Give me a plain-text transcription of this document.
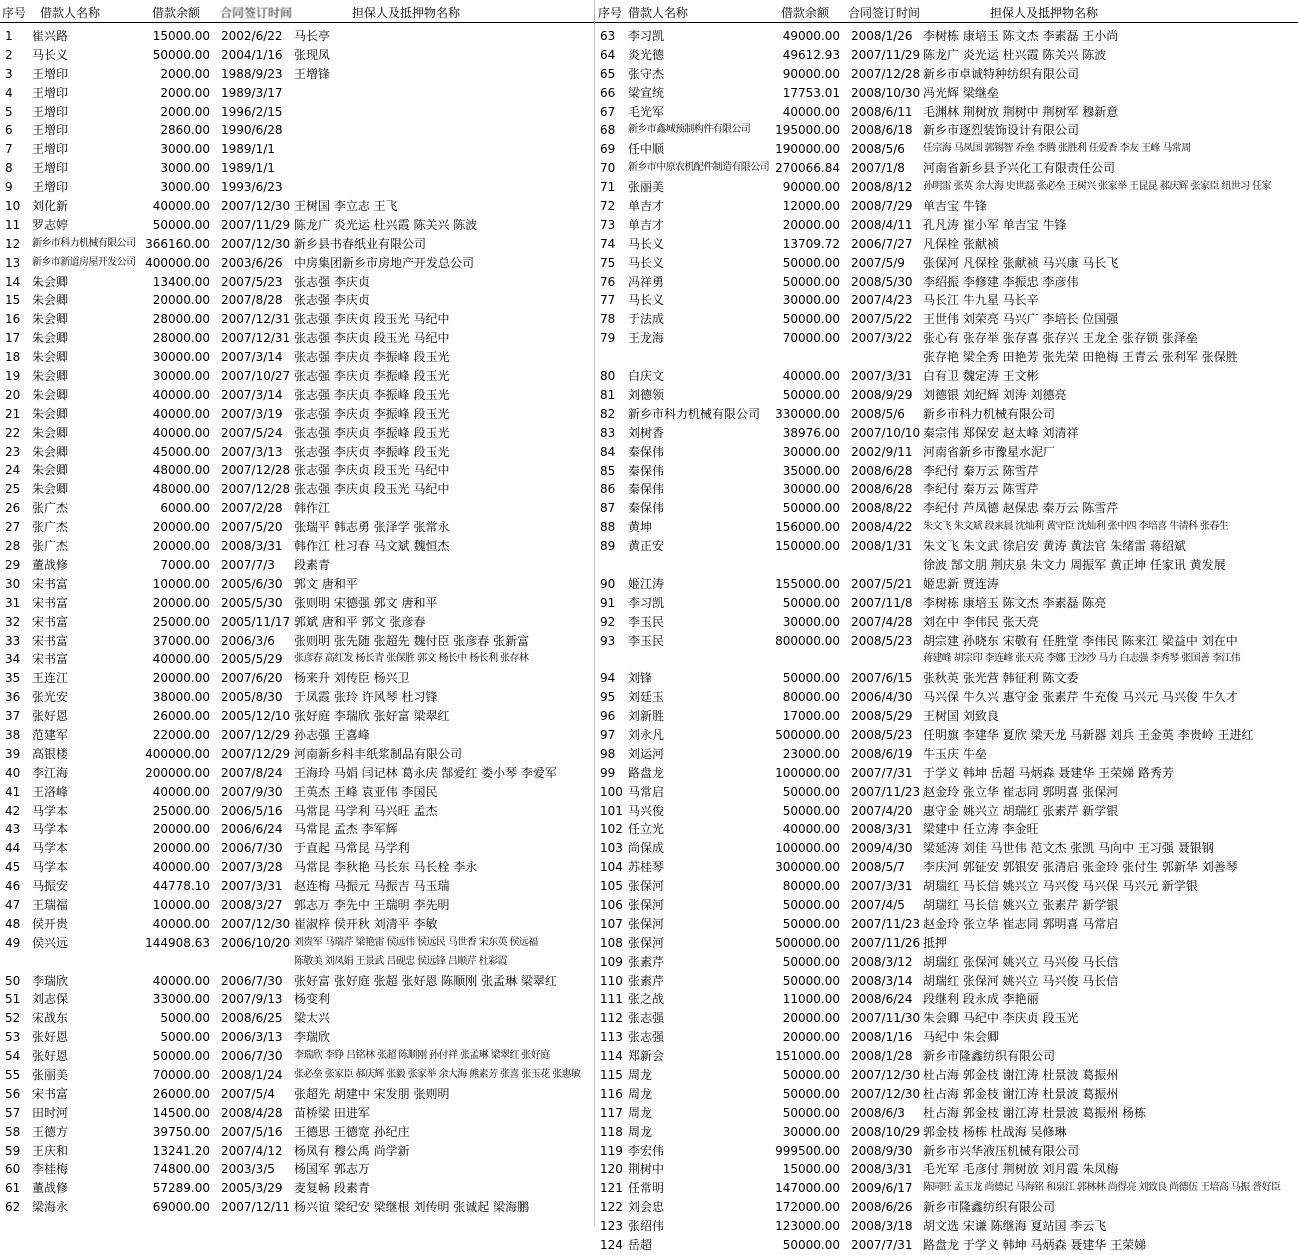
序号 借款人名称	借款余额 合同签订时间	担保人及抵押物名称
1 崔兴路	15000.00 2002/6/22 马长亭
2 马长义	50000.00 2004/1/16 张现凤
3 王增印	2000.00 1988/9/23 王增锋
4 王增印	2000.00 1989/3/17
5 王增印	2000.00 1996/2/15
6 王增印	2860.00 1990/6/28
7 王增印	3000.00 1989/1/1
8 王增印	3000.00 1989/1/1
9 王增印	3000.00 1993/6/23
10 刘化新	40000.00 2007/12/30 王树国 李立志 王飞
11 罗志婷	50000.00 2007/11/29 陈龙广 炎光运 杜兴霞 陈关兴 陈波
12 新乡市科力机械有限公司 366160.00 2007/12/30 新乡县书春纸业有限公司
13 新乡市新道房屋开发公司 400000.00 2003/6/26 中房集团新乡市房地产开发总公司
14 朱会卿	13400.00 2007/5/23 张志强 李庆贞
15 朱会卿	20000.00 2007/8/28 张志强 李庆贞
16 朱会卿	28000.00 2007/12/31 张志强 李庆贞 段玉光 马纪中
17 朱会卿	28000.00 2007/12/31 张志强 李庆贞 段玉光 马纪中
18 朱会卿	30000.00 2007/3/14 张志强 李庆贞 李振峰 段玉光
19 朱会卿	30000.00 2007/10/27 张志强 李庆贞 李振峰 段玉光
20 朱会卿	40000.00 2007/3/14 张志强 李庆贞 李振峰 段玉光
21 朱会卿	40000.00 2007/3/19 张志强 李庆贞 李振峰 段玉光
22 朱会卿	40000.00 2007/5/24 张志强 李庆贞 李振峰 段玉光
23 朱会卿	45000.00 2007/3/13 张志强 李庆贞 李振峰 段玉光
24 朱会卿	48000.00 2007/12/28 张志强 李庆贞 段玉光 马纪中
25 朱会卿	48000.00 2007/12/28 张志强 李庆贞 段玉光 马纪中
26 张广杰	6000.00 2007/2/28 韩作江
27 张广杰	20000.00 2007/5/20 张瑞平 韩志勇 张泽学 张常永
28 张广杰	20000.00 2008/3/31 韩作江 杜习春 马文斌 魏恒杰
29 董战修	7000.00 2007/7/3 段素青
30 宋书富	10000.00 2005/6/30 郭文 唐和平
31 宋书富	20000.00 2005/5/30 张则明 宋德强 郭文 唐和平
32 宋书富	25000.00 2005/11/17 郭斌 唐和平 郭文 张彦春
33 宋书富	37000.00 2006/3/6 张则明 张先随 张超先 魏付臣 张彦春 张新富
34 宋书富	40000.00 2005/5/29 张彦春 高红发 杨长青 张保胜 郭文 杨长中 杨长利 张存林
35 王连江	20000.00 2007/6/20 杨来升 刘传臣 杨兴卫
36 张光安	38000.00 2005/8/30 于凤霞 张玲 许风琴 杜习锋
37 张好恩	26000.00 2005/12/10 张好庭 李瑞欣 张好富 梁翠红
38 范建军	22000.00 2007/12/29 孙志强 王喜峰
39 高银楼	400000.00 2007/12/29 河南新乡科丰纸浆制品有限公司
40 李江海	200000.00 2007/8/24 王海玲 马娟 闫记林 葛永庆 郜爱红 娄小琴 李爱军
41 王洛峰	40000.00 2007/9/30 王英杰 王峰 袁亚伟 李国民
42 马学本	25000.00 2006/5/16 马常昆 马学利 马兴旺 孟杰
43 马学本	20000.00 2006/6/24 马常昆 孟杰 李军辉
44 马学本	20000.00 2006/7/30 于直起 马常昆 马学利
45 马学本	40000.00 2007/3/28 马常昆 李秋艳 马长东 马长栓 李永
46 马振安	44778.10 2007/3/31 赵连梅 马振元 马振吉 马玉瑞
47 王瑞福	10000.00 2008/3/27 郭志万 李先中 王瑞明 李先明
48 侯开贵	40000.00 2007/12/30 崔淑梓 侯开秋 刘清平 李敏
49 侯兴远	144908.63 2006/10/20 刘贵军 马瑞芹 梁艳雷 侯远伟 侯远民 马世香 宋东英 侯远福
陈敬美 刘凤娟 王景武 吕砚忠 侯远锋 吕顺芹 杜彩霞
50 李瑞欣	40000.00 2006/7/30 张好富 张好庭 张超 张好恩 陈顺刚 张孟琳 梁翠红
51 刘志保	33000.00 2007/9/13 杨变利
52 宋战东	5000.00 2008/6/25 梁太兴
53 张好恩	5000.00 2006/3/13 李瑞欣
54 张好恩	50000.00 2006/7/30 李瑞欣 李铮 吕铭林 张超 陈顺刚 孙付祥 张孟琳 梁翠红 张好庭
55 张丽美	70000.00 2008/1/24 张必垒 张家臣 郝庆辉 张毅 张家举 余大海 熊素芳 张喜 张玉花 张惠敏
56 宋书富	26000.00 2007/5/4 张超先 胡建中 宋发朋 张则明
57 田时河	14500.00 2008/4/28 苗桥梁 田进军
58 王德方	39750.00 2007/5/16 王德思 王德宽 孙纪庄
59 王庆和	13241.20 2007/4/12 杨凤有 穆公禹 尚学新
60 李桂梅	74800.00 2003/3/5 杨国军 郭志万
61 董战修	57289.00 2005/3/29 麦复畅 段素青
62 梁海永	69000.00 2007/12/11 杨兴谊 梁纪安 梁继根 刘传明 张诚起 梁海鹏
序号 借款人名称	借款余额 合同签订时间	担保人及抵押物名称
63 李习凯	49000.00 2008/1/26 李树栋 康培玉 陈文杰 李素磊 王小尚
64 炎光德	49612.93 2007/11/29 陈龙广 炎光运 杜兴霞 陈关兴 陈波
65 张守杰	90000.00 2007/12/28 新乡市卓诚特种纺织有限公司
66 梁宣统	17753.01 2008/10/30 冯光辉 梁继垒
67 毛光军	40000.00 2008/6/11 毛渊林 荆树放 荆树中 荆树军 穆新意
68 新乡市鑫城预制构件有限公司	195000.00 2008/6/18 新乡市逐烈装饰设计有限公司
69 任中顺	190000.00 2008/5/6 任宗海 马凤国 郭锡智 乔垒 李腾 张胜利 任爱香 李友 王峰 马常周
70 新乡市中原农机配件制造有限公司 270066.84 2007/1/8 河南省新乡县予兴化工有限责任公司
71 张丽美	90000.00 2008/8/12 孙明雷 张英 余大海 史世磊 张必垒 王树兴 张家举 王昆昆 郝庆辉 张家臣 纽世习 任家
72 单吉才	12000.00 2008/7/29 单吉宝 牛锋
73 单吉才	20000.00 2008/4/11 孔凡涛 崔小军 单吉宝 牛锋
74 马长义	13709.72 2006/7/27 凡保栓 张献祯
75 马长义	50000.00 2007/5/9 张保河 凡保栓 张献祯 马兴康 马长飞
76 冯祥勇	50000.00 2008/5/30 李绍振 李修建 李振忠 李彦伟
77 马长义	30000.00 2007/4/23 马长江 牛九星 马长辛
78 于法成	50000.00 2007/5/22 王世伟 刘荣亮 马兴广 李培长 位国强
79 王龙海	70000.00 2007/3/22 张心有 张存举 张存喜 张存兴 王龙全 张存锁 张泽垒
张存艳 梁全秀 田艳芳 张先荣 田艳梅 王青云 张利军 张保胜
80 白庆文	40000.00 2007/3/31 白有卫 魏定涛 王文彬
81 刘德领	50000.00 2008/9/29 刘德银 刘纪辉 刘涛 刘德亮
82 新乡市科力机械有限公司	330000.00 2008/5/6 新乡市科力机械有限公司
83 刘树香	38976.00 2007/10/10 秦宗伟 郑保安 赵太峰 刘清祥
84 秦保伟	30000.00 2002/9/11 河南省新乡市豫星水泥厂
85 秦保伟	35000.00 2008/6/28 李纪付 秦万云 陈雪芹
86 秦保伟	30000.00 2008/6/28 李纪付 秦万云 陈雪芹
87 秦保伟	50000.00 2008/8/22 李纪付 芦凤德 赵保忠 秦万云 陈雪芹
88 黄坤	156000.00 2008/4/22 朱文飞 朱文斌 段来晨 沈灿利 黄守臣 沈灿利 张中四 李培喜 牛清科 张春生
89 黄正安	150000.00 2008/1/31 朱文飞 朱文武 徐启安 黄涛 黄法官 朱绪雷 蒋绍斌
徐波 郜文朋 荆庆泉 朱文力 周振军 黄正坤 任家讯 黄发展
90 姬江涛	155000.00 2007/5/21 姬忠新 贾连涛
91 李习凯	50000.00 2007/11/8 李树栋 康培玉 陈文杰 李素磊 陈亮
92 李玉民	30000.00 2007/4/28 刘在中 李伟民 张天亮
93 李玉民	800000.00 2008/5/23 胡宗建 孙晓东 宋敬有 任胜堂 李伟民 陈来江 梁益中 刘在中
蒋建峰 胡宗印 李连峰 张天亮 李娜 王沙沙 马力 白志强 李秀琴 张国善 李江伟
94 刘锋	50000.00 2007/6/15 张秋英 张光营 韩征利 陈文委
95 刘廷玉	80000.00 2006/4/30 马兴保 牛久兴 惠守金 张素芹 牛充俊 马兴元 马兴俊 牛久才
96 刘新胜	17000.00 2008/5/29 王树国 刘致良
97 刘永凡	500000.00 2008/5/23 任明旗 李建华 夏欣 梁天龙 马新器 刘兵 王金英 李贵岭 王进红
98 刘运河	23000.00 2008/6/19 牛玉庆 牛垒
99 路盘龙	100000.00 2007/7/31 于学义 韩坤 岳超 马炳森 聂建华 王荣娣 路秀芳
100 马常启	50000.00 2007/11/23 赵金玲 张立华 崔志同 郭明喜 张保河
101 马兴俊	50000.00 2007/4/20 惠守金 姚兴立 胡瑞红 张素芹 新学银
102 任立光	40000.00 2008/3/31 梁建中 任立涛 李金旺
103 尚保成	100000.00 2009/4/30 梁延涛 刘佳 马世伟 范文杰 张凯 马向中 王习强 聂银钢
104 苏桂琴	300000.00 2008/5/7 李庆河 郭钲安 郭银安 张清启 张金玲 张付生 郭新华 刘善琴
105 张保河	80000.00 2007/3/31 胡瑞红 马长信 姚兴立 马兴俊 马兴保 马兴元 新学银
106 张保河	50000.00 2007/4/5 胡瑞红 马长信 姚兴立 张素芹 新学银
107 张保河	50000.00 2007/11/23 赵金玲 张立华 崔志同 郭明喜 马常启
108 张保河	500000.00 2007/11/26 抵押
109 张素芹	50000.00 2008/3/12 胡瑞红 张保河 姚兴立 马兴俊 马长信
110 张素芹	50000.00 2008/3/14 胡瑞红 张保河 姚兴立 马兴俊 马长信
111 张之战	11000.00 2008/6/24 段继利 段永成 李艳丽
112 张志强	20000.00 2007/11/30 朱会卿 马纪中 李庆贞 段玉光
113 张志强	20000.00 2008/1/16 马纪中 朱会卿
114 郑新会	151000.00 2008/1/28 新乡市隆鑫纺织有限公司
115 周龙	50000.00 2007/12/30 杜占海 郭金枝 谢江涛 杜景波 葛振州
116 周龙	50000.00 2007/12/30 杜占海 郭金枝 谢江涛 杜景波 葛振州
117 周龙	50000.00 2008/6/3 杜占海 郭金枝 谢江涛 杜景波 葛振州 杨栋
118 周龙	30000.00 2008/10/29 郭金枝 杨栋 杜战海 吴修琳
119 李宏伟	999500.00 2008/9/30 新乡市兴华液压机械有限公司
120 荆树中	15000.00 2008/3/31 毛光军 毛彦付 荆树放 刘月霞 朱凤梅
121 任常明	147000.00 2009/6/17 陈同旺 孟玉龙 尚德记 马海铭 和泉江 郭林林 尚得亮 刘致良 尚德伍 王培高 马振 普好臣
122 刘会忠	172000.00 2008/6/26 新乡市隆鑫纺织有限公司
123 张绍伟	123000.00 2008/3/18 胡文选 宋谦 陈继海 夏站国 李云飞
124 岳超	50000.00 2007/7/31 路盘龙 于学义 韩坤 马炳森 聂建华 王荣娣
